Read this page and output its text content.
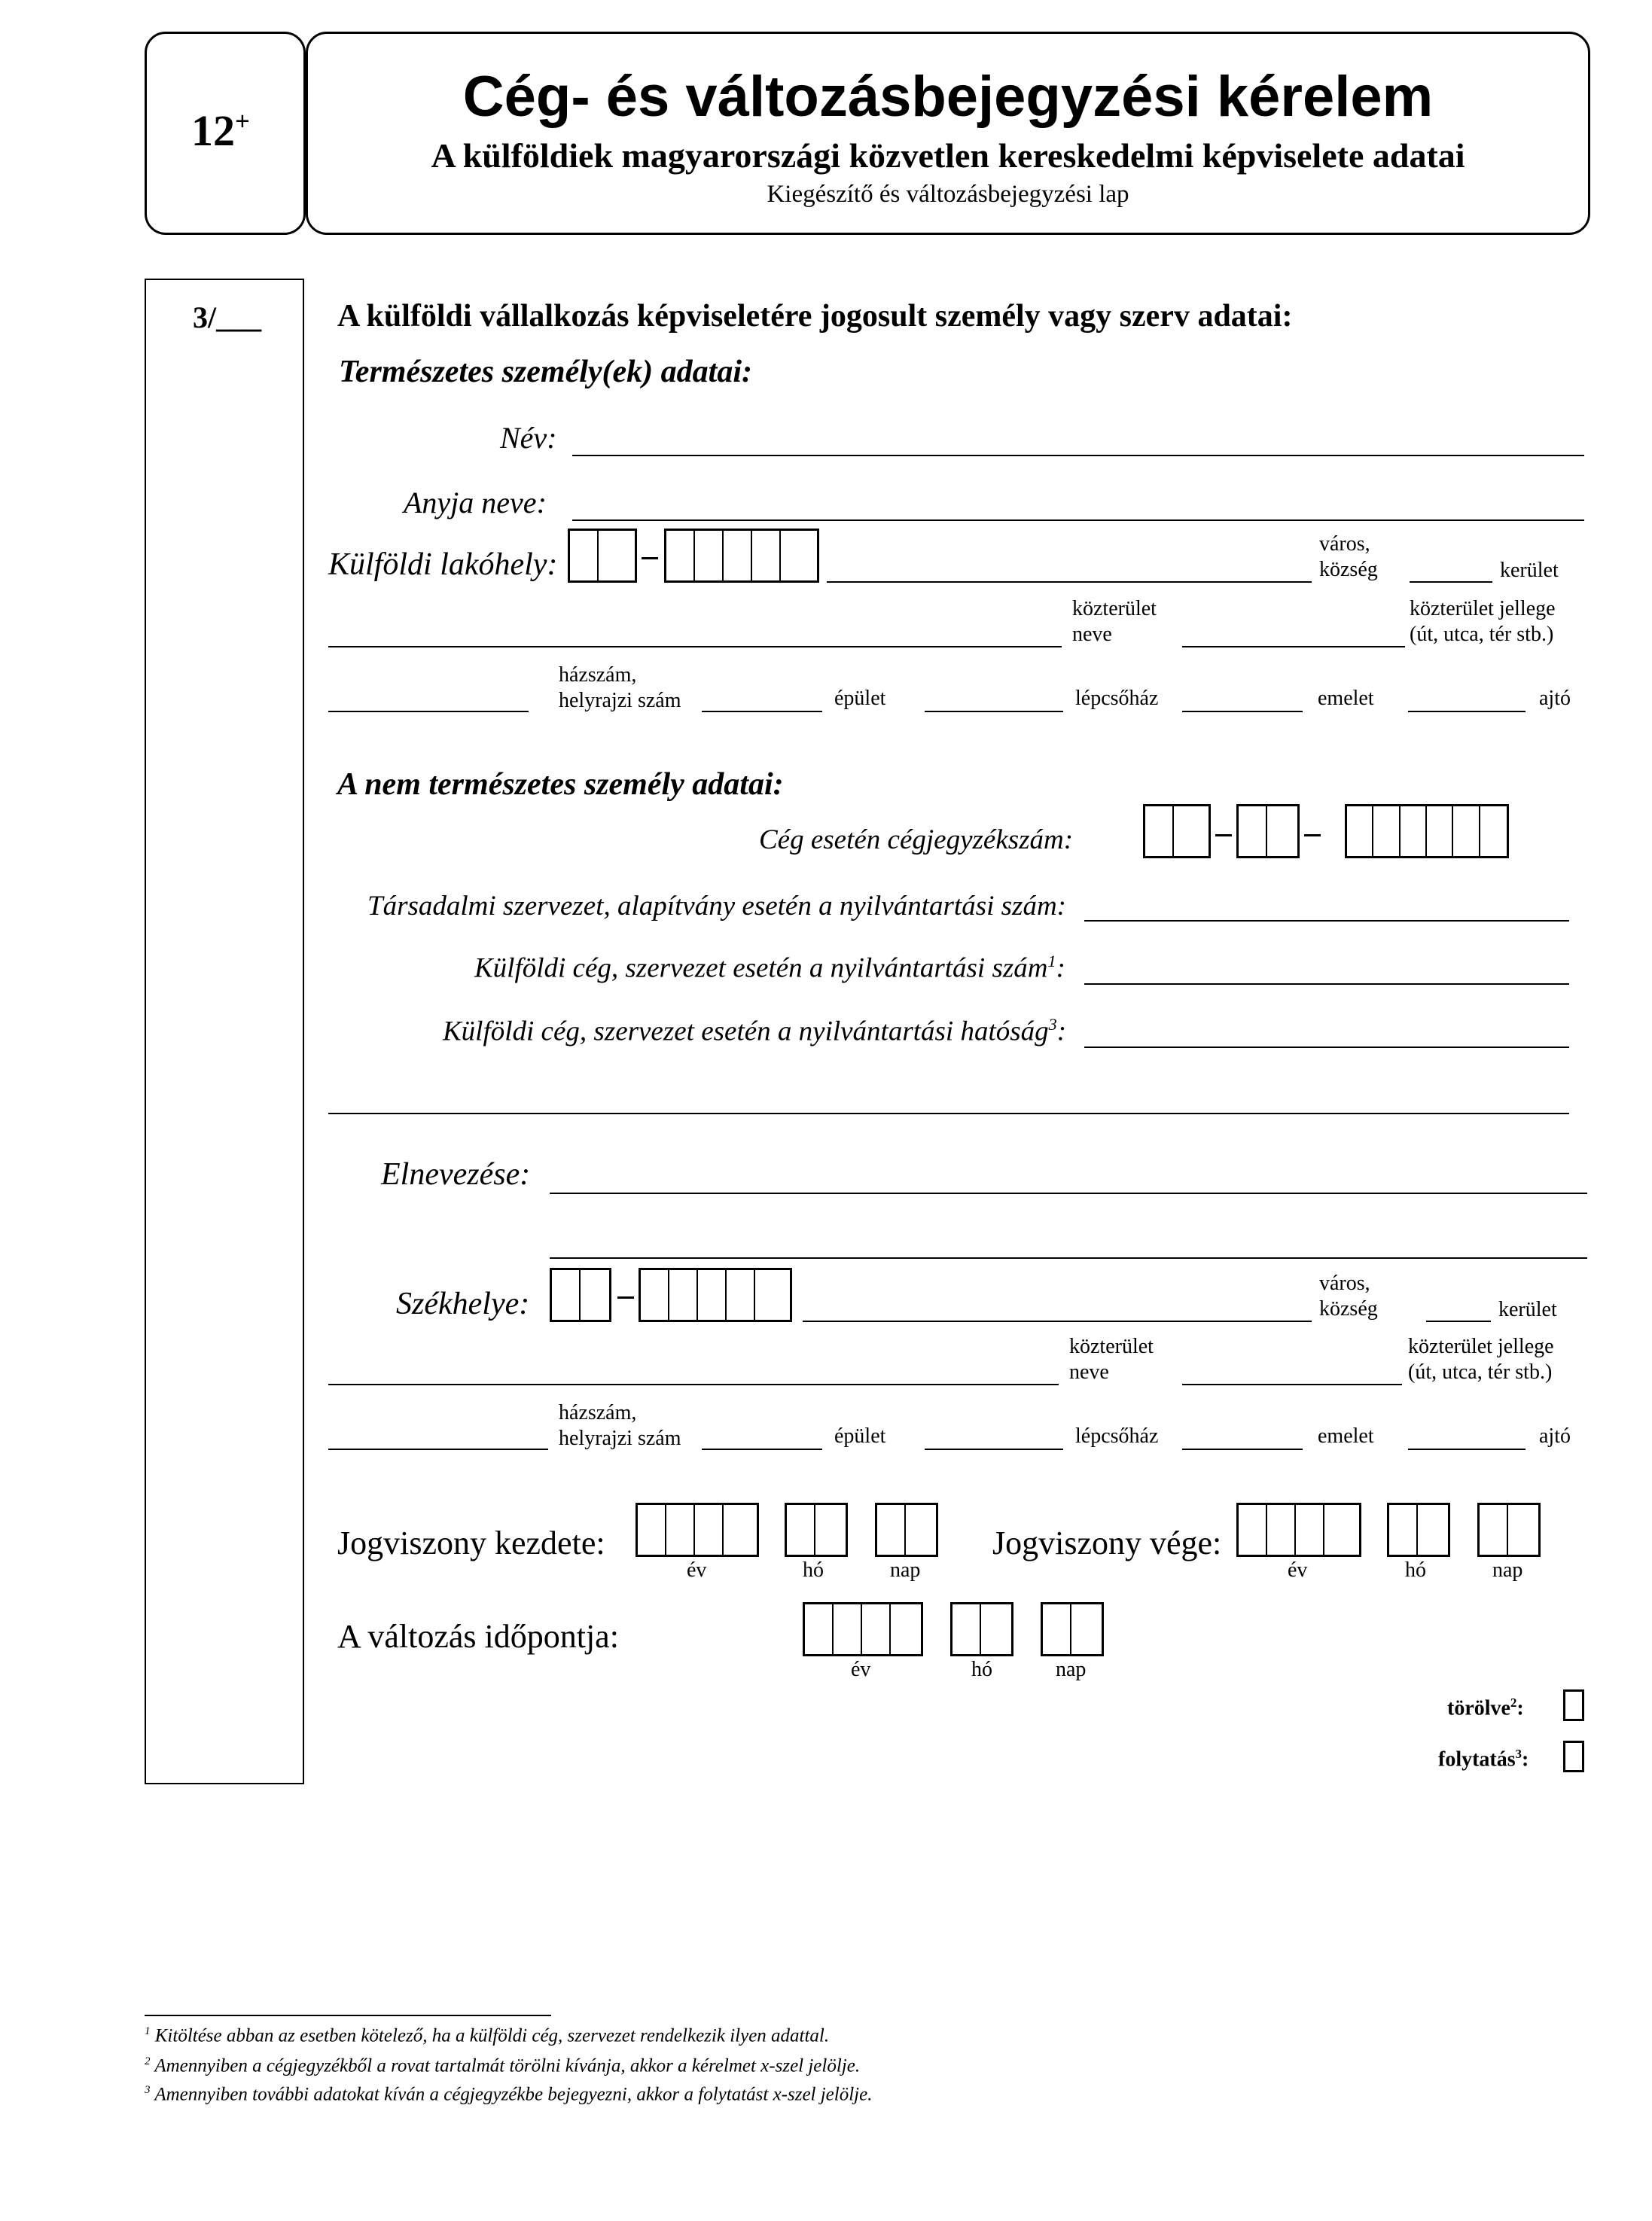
12+	Cég- és változásbejegyzési kérelem
A külföldiek magyarországi közvetlen kereskedelmi képviselete adatai
Kiegészítő és változásbejegyzési lap
3/___ A külföldi vállalkozás képviseletére jogosult személy vagy szerv adatai:
Természetes személy(ek) adatai:
Név:
Anyja neve:
Külföldi lakóhely:
város,
község	kerület
közterület
neve
közterület jellege
(út, utca, tér stb.)
házszám,
helyrajzi szám	épület	lépcsőház	emelet	ajtó
A nem természetes személy adatai:
Cég esetén cégjegyzékszám:
Társadalmi szervezet, alapítvány esetén a nyilvántartási szám:
Külföldi cég, szervezet esetén a nyilvántartási szám$^1$:
Külföldi cég, szervezet esetén a nyilvántartási hatóság$^3$:
Elnevezése:
Székhelye:
város,
község	kerület
közterület
neve
közterület jellege
(út, utca, tér stb.)
házszám,
helyrajzi szám	épület	lépcsőház	emelet	ajtó
Jogviszony kezdete:
év	hó	nap
Jogviszony vége:
év	hó	nap
A változás időpontja:
év	hó	nap
törölve$^2$:
folytatás$^3$:
$^1$ Kitöltése abban az esetben kötelező, ha a külföldi cég, szervezet rendelkezik ilyen adattal.
$^2$ Amennyiben a cégjegyzékből a rovat tartalmát törölni kívánja, akkor a kérelmet x-szel jelölje.
$^3$ Amennyiben további adatokat kíván a cégjegyzékbe bejegyezni, akkor a folytatást x-szel jelölje.
